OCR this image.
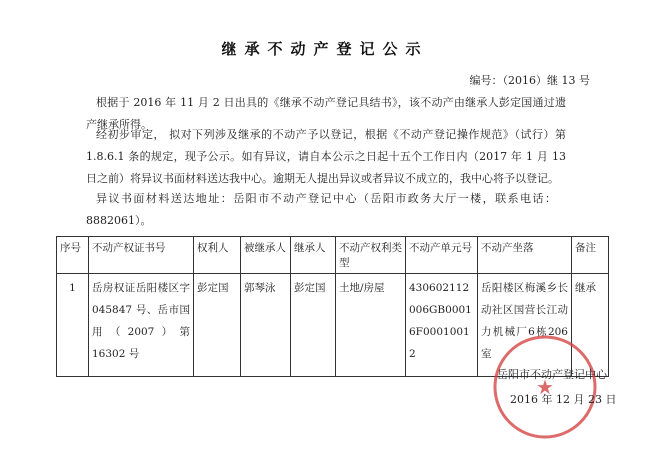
继承不动产登记公示
编号：（2016）继 13 号
根据于 2016 年 11 月 2 日出具的《继承不动产登记具结书》，该不动产由继承人彭定国通过遗产继承所得。
经初步审定， 拟对下列涉及继承的不动产予以登记，根据《不动产登记操作规范》（试行）第 1.8.6.1 条的规定，现予公示。如有异议，请自本公示之日起十五个工作日内（2017 年 1 月 13 日之前）将异议书面材料送达我中心。逾期无人提出异议或者异议不成立的，我中心将予以登记。
异议书面材料送达地址：岳阳市不动产登记中心（岳阳市政务大厅一楼，联系电话：8882061）。
序号	不动产权证书号	权利人	被继承人	继承人	不动产权利类型	不动产单元号	不动产坐落	备注
1	岳房权证岳阳楼区字 045847 号、岳市国用（2007）第 16302 号	彭定国	郭琴泳	彭定国	土地/房屋	430602112006GB00016F00010012	岳阳楼区梅溪乡长动社区国营长江动力机械厂6栋206室	继承
★
岳阳市不动产登记中心
2016 年 12 月 23 日
